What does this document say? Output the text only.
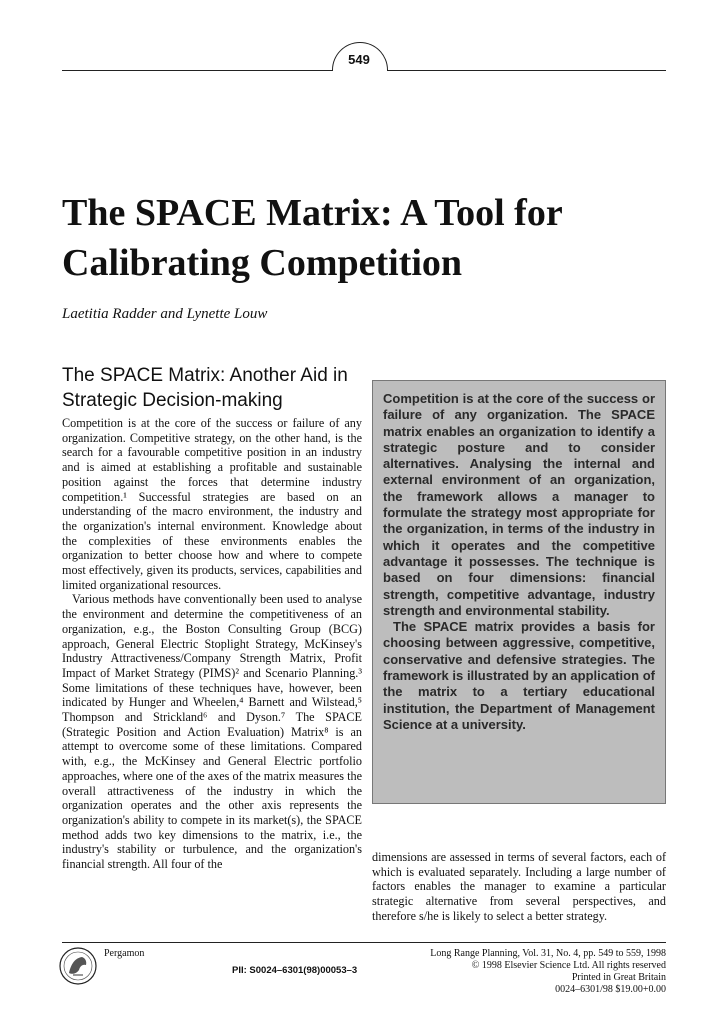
549
The SPACE Matrix: A Tool for
Calibrating Competition
Laetitia Radder and Lynette Louw
The SPACE Matrix: Another Aid in
Strategic Decision-making

Competition is at the core of the success or failure of any organization. Competitive strategy, on the other hand, is the search for a favourable competitive position in an industry and is aimed at establishing a profitable and sustainable position against the forces that determine industry competition.¹ Successful strategies are based on an understanding of the macro environment, the industry and the organization's internal environment. Knowledge about the complexities of these environments enables the organization to better choose how and where to compete most effectively, given its products, services, capabilities and limited organizational resources.

Various methods have conventionally been used to analyse the environment and determine the competitiveness of an organization, e.g., the Boston Consulting Group (BCG) approach, General Electric Stoplight Strategy, McKinsey's Industry Attractiveness/Company Strength Matrix, Profit Impact of Market Strategy (PIMS)² and Scenario Planning.³ Some limitations of these techniques have, however, been indicated by Hunger and Wheelen,⁴ Barnett and Wilstead,⁵ Thompson and Strickland⁶ and Dyson.⁷ The SPACE (Strategic Position and Action Evaluation) Matrix⁸ is an attempt to overcome some of these limitations. Compared with, e.g., the McKinsey and General Electric portfolio approaches, where one of the axes of the matrix measures the overall attractiveness of the industry in which the organization operates and the other axis represents the organization's ability to compete in its market(s), the SPACE method adds two key dimensions to the matrix, i.e., the industry's stability or turbulence, and the organization's financial strength. All four of the

Competition is at the core of the success or failure of any organization. The SPACE matrix enables an organization to identify a strategic posture and to consider alternatives. Analysing the internal and external environment of an organization, the framework allows a manager to formulate the strategy most appropriate for the organization, in terms of the industry in which it operates and the competitive advantage it possesses. The technique is based on four dimensions: financial strength, competitive advantage, industry strength and environmental stability.

The SPACE matrix provides a basis for choosing between aggressive, competitive, conservative and defensive strategies. The framework is illustrated by an application of the matrix to a tertiary educational institution, the Department of Management Science at a university.

dimensions are assessed in terms of several factors, each of which is evaluated separately. Including a large number of factors enables the manager to examine a particular strategic alternative from several perspectives, and therefore s/he is likely to select a better strategy.
Pergamon
PII: S0024–6301(98)00053–3
Long Range Planning, Vol. 31, No. 4, pp. 549 to 559, 1998
© 1998 Elsevier Science Ltd. All rights reserved
Printed in Great Britain
0024–6301/98 $19.00+0.00
